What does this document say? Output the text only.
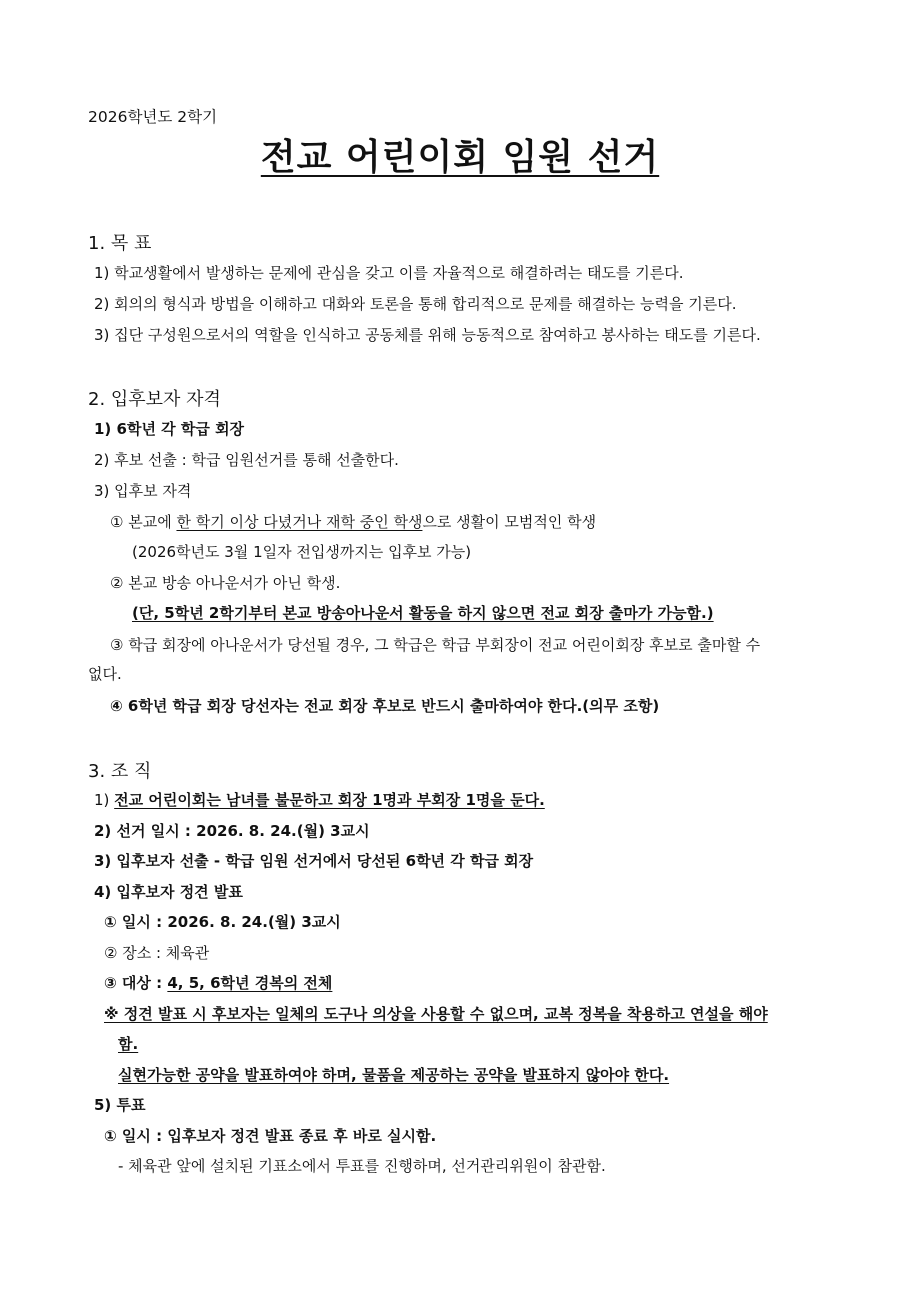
2026학년도 2학기
전교 어린이회 임원 선거
1. 목 표
1) 학교생활에서 발생하는 문제에 관심을 갖고 이를 자율적으로 해결하려는 태도를 기른다.
2) 회의의 형식과 방법을 이해하고 대화와 토론을 통해 합리적으로 문제를 해결하는 능력을 기른다.
3) 집단 구성원으로서의 역할을 인식하고 공동체를 위해 능동적으로 참여하고 봉사하는 태도를 기른다.
2. 입후보자 자격
1) 6학년 각 학급 회장
2) 후보 선출 : 학급 임원선거를 통해 선출한다.
3) 입후보 자격
① 본교에 한 학기 이상 다녔거나 재학 중인 학생으로 생활이 모범적인 학생
(2026학년도 3월 1일자 전입생까지는 입후보 가능)
② 본교 방송 아나운서가 아닌 학생.
(단, 5학년 2학기부터 본교 방송아나운서 활동을 하지 않으면 전교 회장 출마가 가능함.)
③ 학급 회장에 아나운서가 당선될 경우, 그 학급은 학급 부회장이 전교 어린이회장 후보로 출마할 수
없다.
④ 6학년 학급 회장 당선자는 전교 회장 후보로 반드시 출마하여야 한다.(의무 조항)
3. 조 직
1) 전교 어린이회는 남녀를 불문하고 회장 1명과 부회장 1명을 둔다.
2) 선거 일시 : 2026. 8. 24.(월) 3교시
3) 입후보자 선출 - 학급 임원 선거에서 당선된 6학년 각 학급 회장
4) 입후보자 정견 발표
① 일시 : 2026. 8. 24.(월) 3교시
② 장소 : 체육관
③ 대상 : 4, 5, 6학년 경복의 전체
※ 정견 발표 시 후보자는 일체의 도구나 의상을 사용할 수 없으며, 교복 정복을 착용하고 연설을 해야
함.
실현가능한 공약을 발표하여야 하며, 물품을 제공하는 공약을 발표하지 않아야 한다.
5) 투표
① 일시 : 입후보자 정견 발표 종료 후 바로 실시함.
- 체육관 앞에 설치된 기표소에서 투표를 진행하며, 선거관리위원이 참관함.
